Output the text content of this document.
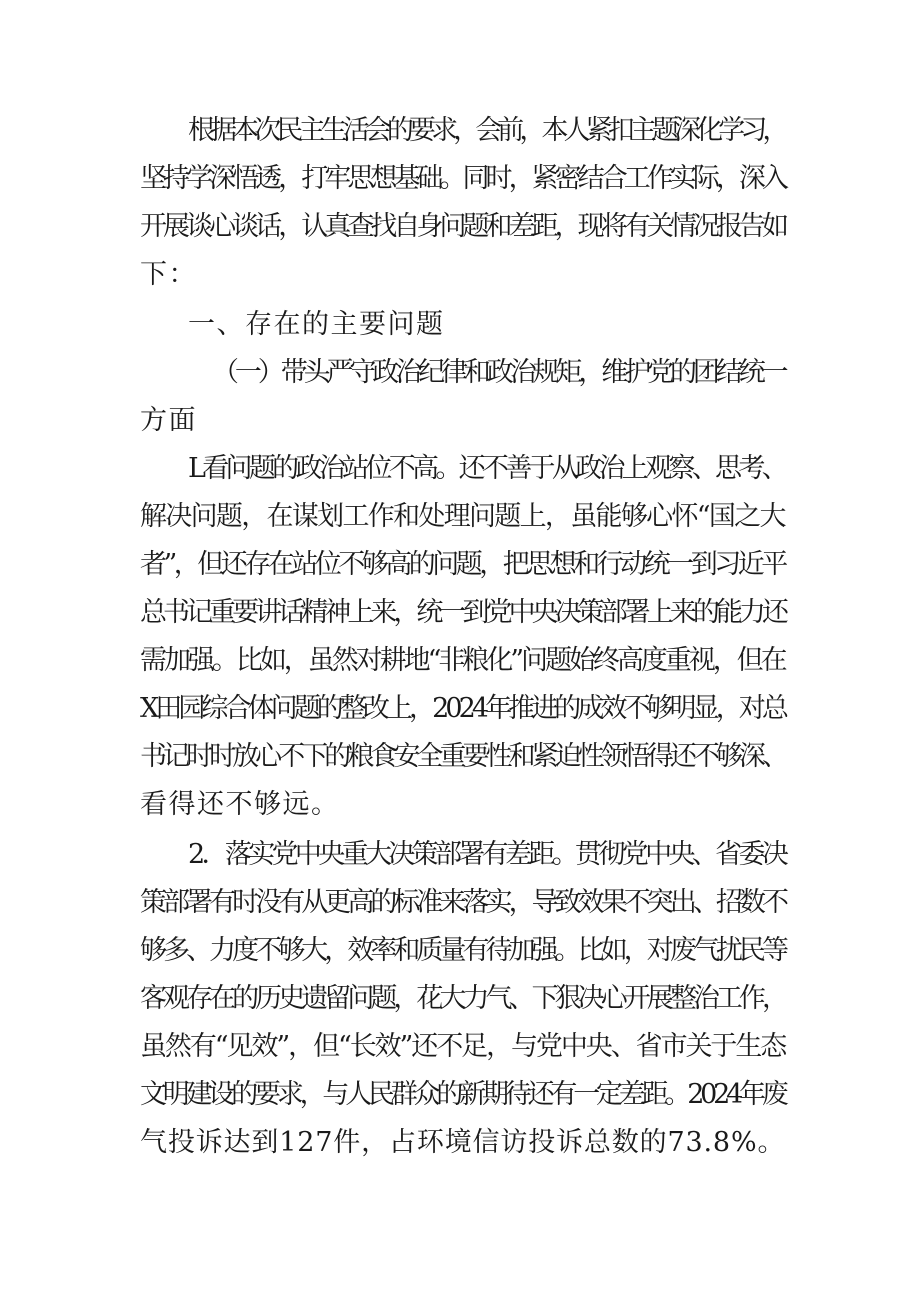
根据本次民主生活会的要求，会前，本人紧扣主题深化学习，
坚持学深悟透，打牢思想基础。同时，紧密结合工作实际，深入
开展谈心谈话，认真查找自身问题和差距，现将有关情况报告如
下：
一、存在的主要问题
（一）带头严守政治纪律和政治规矩，维护党的团结统一
方面
L看问题的政治站位不高。还不善于从政治上观察、思考、
解决问题，在谋划工作和处理问题上，虽能够心怀“国之大
者”，但还存在站位不够高的问题，把思想和行动统一到习近平
总书记重要讲话精神上来，统一到党中央决策部署上来的能力还
需加强。比如，虽然对耕地“非粮化”问题始终高度重视，但在
X田园综合体问题的整改上，2024年推进的成效不够明显，对总
书记时时放心不下的粮食安全重要性和紧迫性领悟得还不够深、
看得还不够远。
2．落实党中央重大决策部署有差距。贯彻党中央、省委决
策部署有时没有从更高的标准来落实，导致效果不突出、招数不
够多、力度不够大，效率和质量有待加强。比如，对废气扰民等
客观存在的历史遗留问题，花大力气、下狠决心开展整治工作，
虽然有“见效”，但“长效”还不足，与党中央、省市关于生态
文明建设的要求，与人民群众的新期待还有一定差距。2024年废
气投诉达到127件，占环境信访投诉总数的73.8%。
